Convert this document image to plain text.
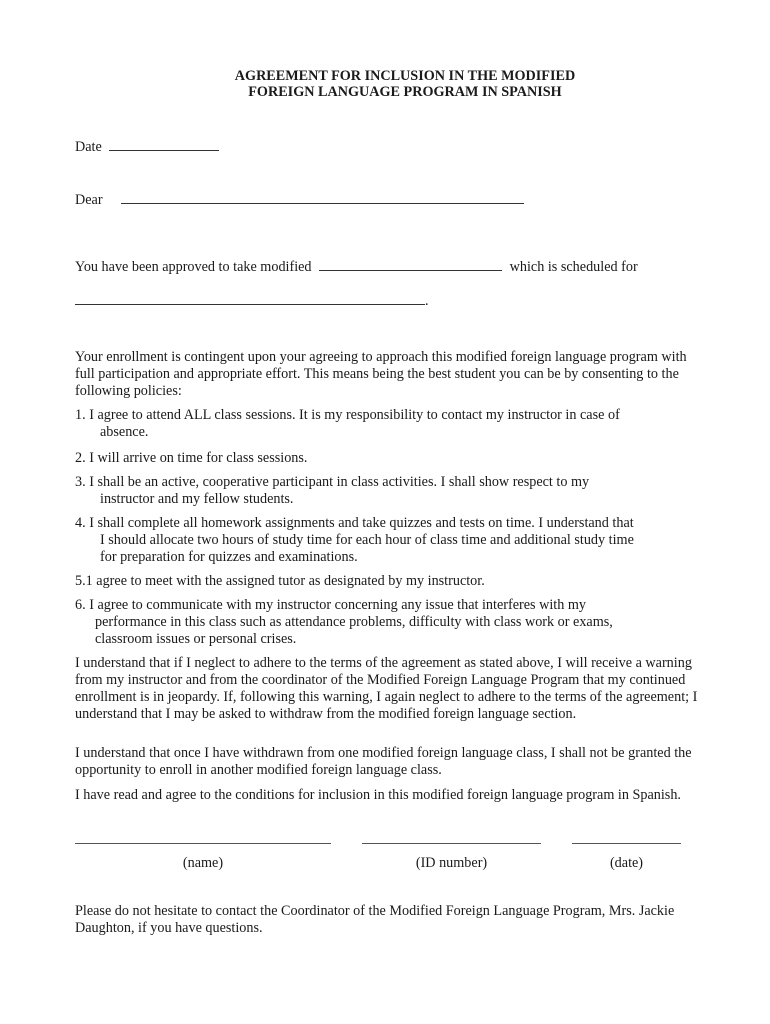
AGREEMENT FOR INCLUSION IN THE MODIFIED
FOREIGN LANGUAGE PROGRAM IN SPANISH
Date
Dear
You have been approved to take modified	which is scheduled for
.
Your enrollment is contingent upon your agreeing to approach this modified foreign language program with full participation and appropriate effort. This means being the best student you can be by consenting to the following policies:
1. I agree to attend ALL class sessions. It is my responsibility to contact my instructor in case of
absence.
2. I will arrive on time for class sessions.
3. I shall be an active, cooperative participant in class activities. I shall show respect to my
instructor and my fellow students.
4. I shall complete all homework assignments and take quizzes and tests on time. I understand that
I should allocate two hours of study time for each hour of class time and additional study time
for preparation for quizzes and examinations.
5.1 agree to meet with the assigned tutor as designated by my instructor.
6. I agree to communicate with my instructor concerning any issue that interferes with my
performance in this class such as attendance problems, difficulty with class work or exams,
classroom issues or personal crises.
I understand that if I neglect to adhere to the terms of the agreement as stated above, I will receive a warning from my instructor and from the coordinator of the Modified Foreign Language Program that my continued enrollment is in jeopardy. If, following this warning, I again neglect to adhere to the terms of the agreement; I understand that I may be asked to withdraw from the modified foreign language section.
I understand that once I have withdrawn from one modified foreign language class, I shall not be granted the opportunity to enroll in another modified foreign language class.
I have read and agree to the conditions for inclusion in this modified foreign language program in Spanish.
(name)	(ID number)	(date)
Please do not hesitate to contact the Coordinator of the Modified Foreign Language Program, Mrs. Jackie Daughton, if you have questions.
